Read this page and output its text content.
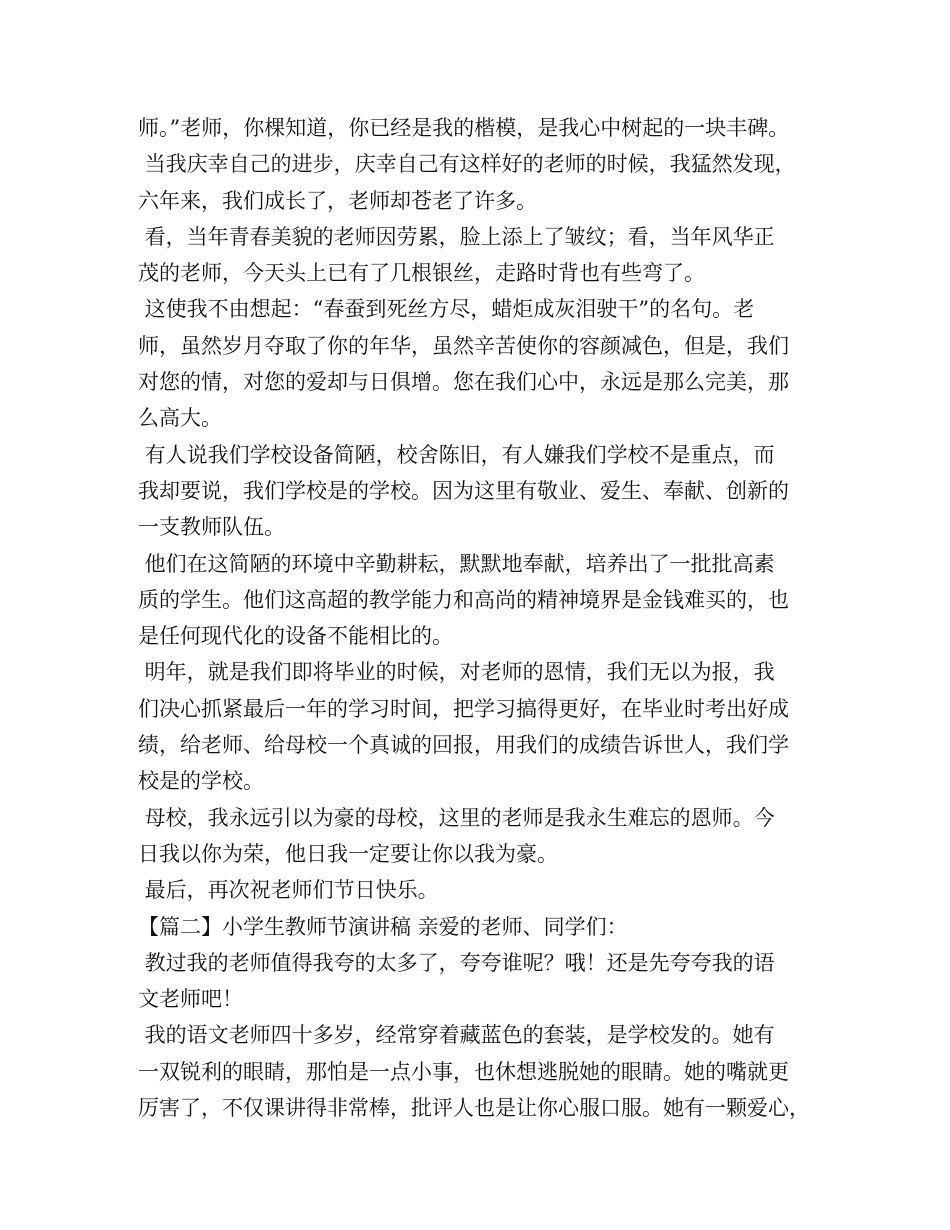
师。”老师，你棵知道，你已经是我的楷模，是我心中树起的一块丰碑。
当我庆幸自己的进步，庆幸自己有这样好的老师的时候，我猛然发现，
六年来，我们成长了，老师却苍老了许多。
看，当年青春美貌的老师因劳累，脸上添上了皱纹；看，当年风华正
茂的老师，今天头上已有了几根银丝，走路时背也有些弯了。
这使我不由想起：“春蚕到死丝方尽，蜡炬成灰泪驶干”的名句。老
师，虽然岁月夺取了你的年华，虽然辛苦使你的容颜减色，但是，我们
对您的情，对您的爱却与日俱增。您在我们心中，永远是那么完美，那
么高大。
有人说我们学校设备简陋，校舍陈旧，有人嫌我们学校不是重点，而
我却要说，我们学校是的学校。因为这里有敬业、爱生、奉献、创新的
一支教师队伍。
他们在这简陋的环境中辛勤耕耘，默默地奉献，培养出了一批批高素
质的学生。他们这高超的教学能力和高尚的精神境界是金钱难买的，也
是任何现代化的设备不能相比的。
明年，就是我们即将毕业的时候，对老师的恩情，我们无以为报，我
们决心抓紧最后一年的学习时间，把学习搞得更好，在毕业时考出好成
绩，给老师、给母校一个真诚的回报，用我们的成绩告诉世人，我们学
校是的学校。
母校，我永远引以为豪的母校，这里的老师是我永生难忘的恩师。今
日我以你为荣，他日我一定要让你以我为豪。
最后，再次祝老师们节日快乐。
【篇二】小学生教师节演讲稿 亲爱的老师、同学们：
教过我的老师值得我夸的太多了，夸夸谁呢？哦！还是先夸夸我的语
文老师吧！
我的语文老师四十多岁，经常穿着藏蓝色的套装，是学校发的。她有
一双锐利的眼睛，那怕是一点小事，也休想逃脱她的眼睛。她的嘴就更
厉害了，不仅课讲得非常棒，批评人也是让你心服口服。她有一颗爱心，
